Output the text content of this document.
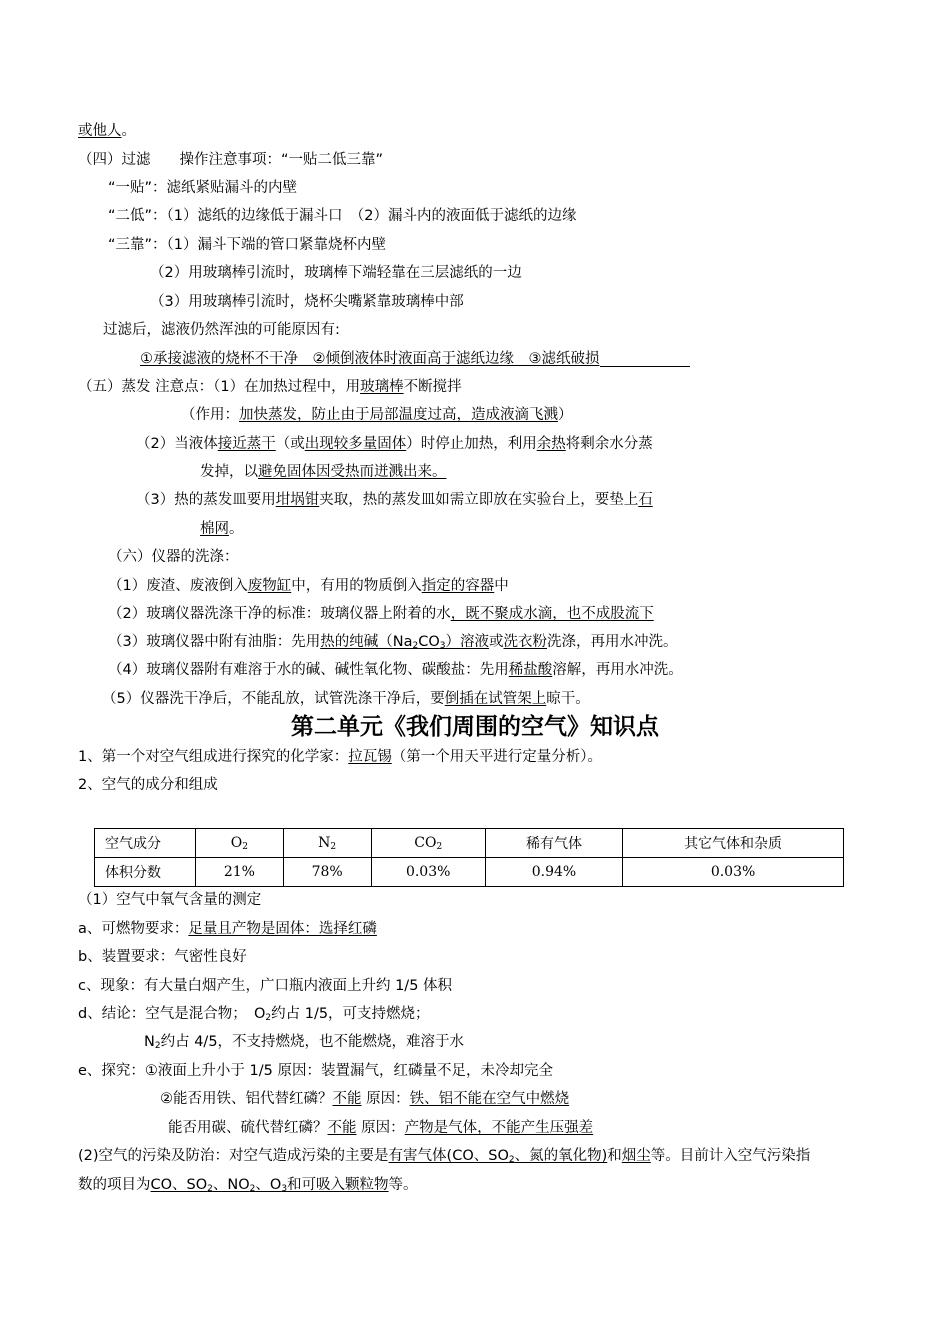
或他人。
（四）过滤　　操作注意事项：“一贴二低三靠”
“一贴”：滤纸紧贴漏斗的内壁
“二低”：（1）滤纸的边缘低于漏斗口　（2）漏斗内的液面低于滤纸的边缘
“三靠”：（1）漏斗下端的管口紧靠烧杯内壁
（2）用玻璃棒引流时，玻璃棒下端轻靠在三层滤纸的一边
（3）用玻璃棒引流时，烧杯尖嘴紧靠玻璃棒中部
过滤后，滤液仍然浑浊的可能原因有:
①承接滤液的烧杯不干净　②倾倒液体时液面高于滤纸边缘　③滤纸破损
（五）蒸发 注意点：（1）在加热过程中，用玻璃棒不断搅拌
（作用：加快蒸发，防止由于局部温度过高，造成液滴飞溅）
（2）当液体接近蒸干（或出现较多量固体）时停止加热，利用余热将剩余水分蒸
发掉，以避免固体因受热而迸溅出来。
（3）热的蒸发皿要用坩埚钳夹取，热的蒸发皿如需立即放在实验台上，要垫上石
棉网。
（六）仪器的洗涤：
（1）废渣、废液倒入废物缸中，有用的物质倒入指定的容器中
（2）玻璃仪器洗涤干净的标准：玻璃仪器上附着的水，既不聚成水滴，也不成股流下
（3）玻璃仪器中附有油脂：先用热的纯碱$(Na_2CO_3)$溶液或洗衣粉洗涤，再用水冲洗。
（4）玻璃仪器附有难溶于水的碱、碱性氧化物、碳酸盐：先用稀盐酸溶解，再用水冲洗。
（5）仪器洗干净后，不能乱放，试管洗涤干净后，要倒插在试管架上晾干。
第二单元《我们周围的空气》知识点
1、第一个对空气组成进行探究的化学家：拉瓦锡（第一个用天平进行定量分析）。
2、空气的成分和组成
空气成分	$O_2$	$N_2$	$CO_2$	稀有气体	其它气体和杂质
体积分数	21%	78%	0.03%	0.94%	0.03%
（1）空气中氧气含量的测定
a、可燃物要求：足量且产物是固体：选择红磷
b、装置要求：气密性良好
c、现象：有大量白烟产生，广口瓶内液面上升约 1/5 体积
d、结论：空气是混合物；　$O_2$约占 1/5，可支持燃烧；
$N_2$约占 4/5，不支持燃烧，也不能燃烧，难溶于水
e、探究：①液面上升小于 1/5 原因：装置漏气，红磷量不足，未冷却完全
②能否用铁、铝代替红磷？不能 原因：铁、铝不能在空气中燃烧
能否用碳、硫代替红磷？不能 原因：产物是气体，不能产生压强差
(2)空气的污染及防治：对空气造成污染的主要是有害气体(CO、$SO_2$、氮的氧化物)和烟尘等。目前计入空气污染指
数的项目为CO、$SO_2$、$NO_2$、$O_3$和可吸入颗粒物等。
